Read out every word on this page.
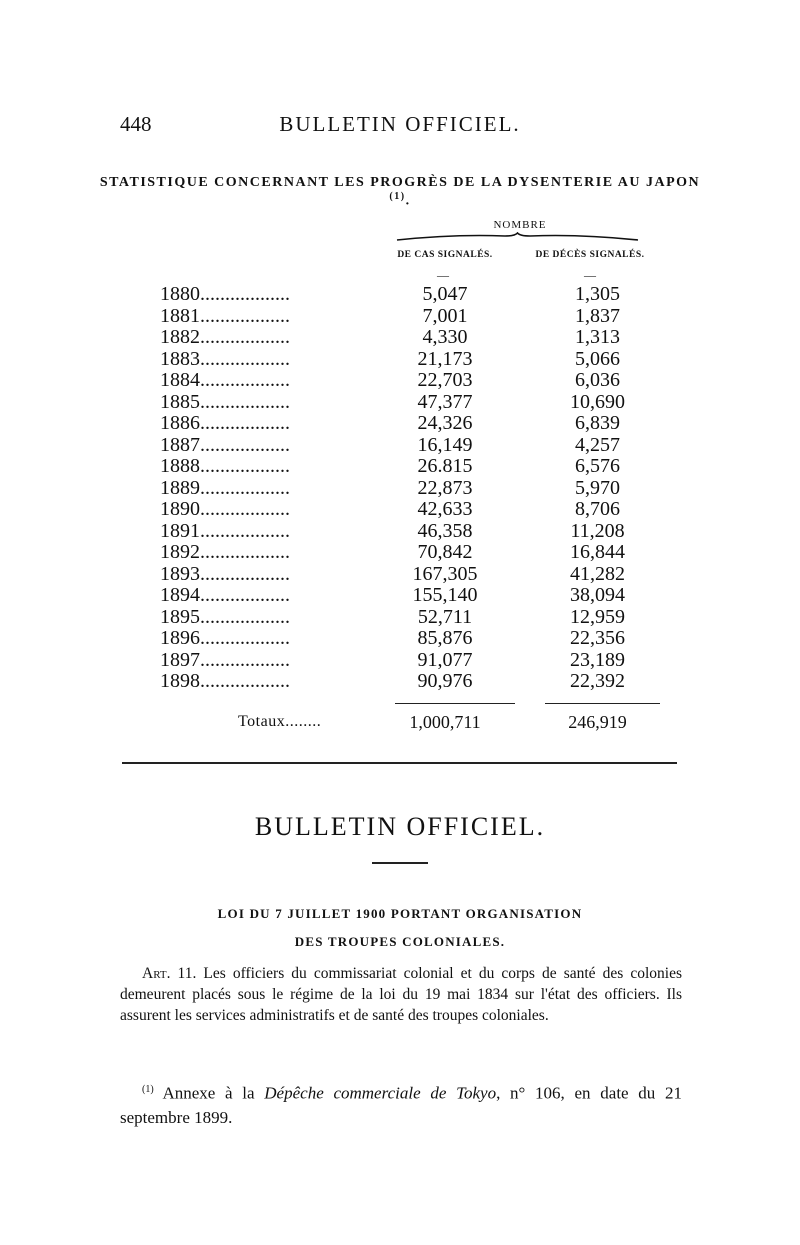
448	BULLETIN OFFICIEL.
STATISTIQUE CONCERNANT LES PROGRÈS DE LA DYSENTERIE AU JAPON $^{(1)}$.
NOMBRE
DE CAS SIGNALÉS.	DE DÉCÈS SIGNALÉS.
—	—
1880..................	5,047	1,305
1881..................	7,001	1,837
1882..................	4,330	1,313
1883..................	21,173	5,066
1884..................	22,703	6,036
1885..................	47,377	10,690
1886..................	24,326	6,839
1887..................	16,149	4,257
1888..................	26.815	6,576
1889..................	22,873	5,970
1890..................	42,633	8,706
1891..................	46,358	11,208
1892..................	70,842	16,844
1893..................	167,305	41,282
1894..................	155,140	38,094
1895..................	52,711	12,959
1896..................	85,876	22,356
1897..................	91,077	23,189
1898..................	90,976	22,392
Totaux........	1,000,711	246,919
BULLETIN OFFICIEL.
LOI DU 7 JUILLET 1900 PORTANT ORGANISATION
DES TROUPES COLONIALES.
Art. 11. Les officiers du commissariat colonial et du corps de santé des colonies demeurent placés sous le régime de la loi du 19 mai 1834 sur l'état des officiers. Ils assurent les services administratifs et de santé des troupes coloniales.
$^{(1)}$ Annexe à la Dépêche commerciale de Tokyo, n° 106, en date du 21 septembre 1899.
